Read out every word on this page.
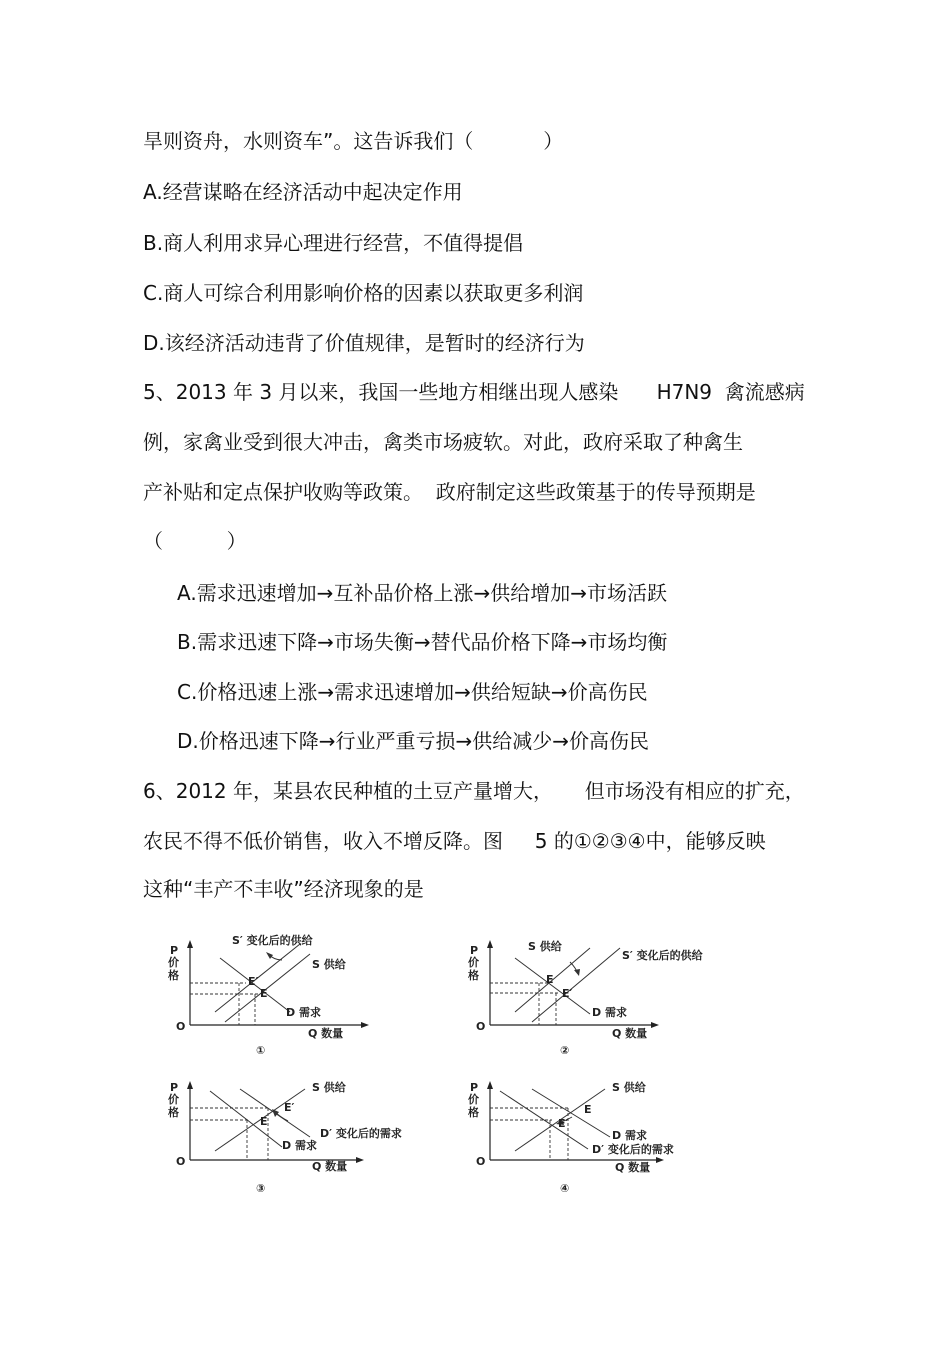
旱则资舟，水则资车”。这告诉我们（           ）
A.经营谋略在经济活动中起决定作用
B.商人利用求异心理进行经营，不值得提倡
C.商人可综合利用影响价格的因素以获取更多利润
D.该经济活动违背了价值规律，是暂时的经济行为
5、2013 年 3 月以来，我国一些地方相继出现人感染      H7N9  禽流感病
例，家禽业受到很大冲击，禽类市场疲软。对此，政府采取了种禽生
产补贴和定点保护收购等政策。  政府制定这些政策基于的传导预期是
（          ）
A.需求迅速增加→互补品价格上涨→供给增加→市场活跃
B.需求迅速下降→市场失衡→替代品价格下降→市场均衡
C.价格迅速上涨→需求迅速增加→供给短缺→价高伤民
D.价格迅速下降→行业严重亏损→供给减少→价高伤民
6、2012 年，某县农民种植的土豆产量增大，     但市场没有相应的扩充，
农民不得不低价销售，收入不增反降。图     5 的①②③④中，能够反映
这种“丰产不丰收”经济现象的是
P
价
格
O
Q 数量
S′ 变化后的供给
S 供给
E′
E
D 需求
①
P
价
格
O
Q 数量
S 供给
S′ 变化后的供给
E
E′
D 需求
②
P
价
格
O	Q 数量
S 供给
E′
E
D′ 变化后的需求
D 需求
③
P
价
格
O	Q 数量
S 供给
E
E′
D 需求
D′ 变化后的需求
④
